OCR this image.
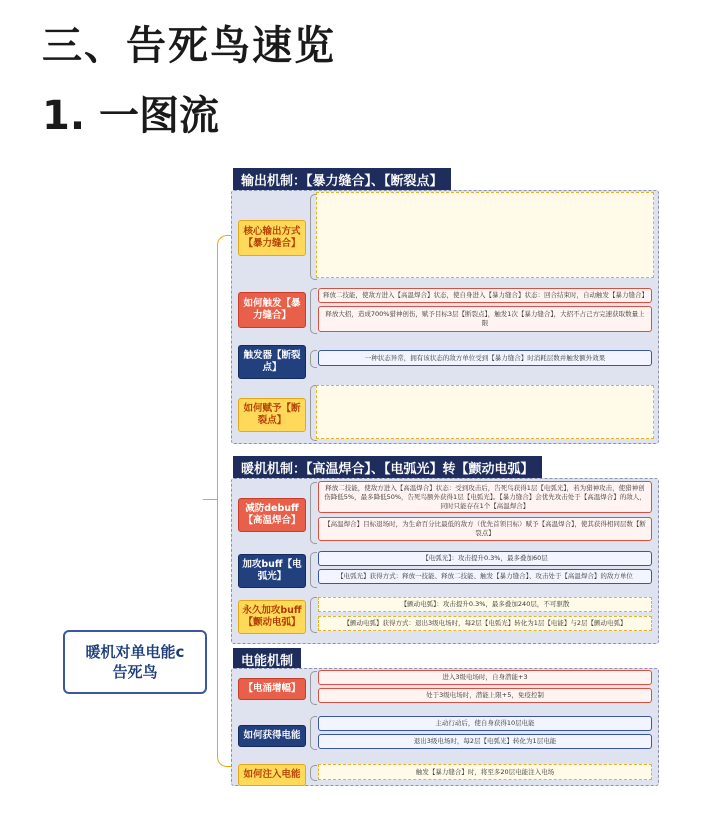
三、告死鸟速览
1. 一图流
暖机对单电能c告死鸟
输出机制：【暴力缝合】、【断裂点】
核心输出方式【暴力缝合】
如何触发【暴力缝合】
释放二技能，使敌方进入【高温焊合】状态，使自身进入【暴力缝合】状态：回合结束时，自动触发【暴力缝合】
释放大招，造成700%猎神创伤，赋予目标3层【断裂点】，触发1次【暴力缝合】，大招不占己方完速获取数量上限
触发器【断裂点】
一种状态异常，拥有该状态的敌方单位受到【暴力缝合】时消耗层数并触发额外效果
如何赋予【断裂点】
暖机机制：【高温焊合】、【电弧光】转【颤动电弧】
减防debuff【高温焊合】
释放二技能，使敌方进入【高温焊合】状态：受到攻击后，告死鸟获得1层【电弧光】，若为猎神攻击，使猎神创伤降低5%，最多降低50%，告死鸟额外获得1层【电弧光】。【暴力缝合】会优先攻击处于【高温焊合】的敌人，同时只能存在1个【高温焊合】
【高温焊合】目标退场时，为生命百分比最低的敌方（优先首领目标）赋予【高温焊合】，使其获得相同层数【断裂点】
加攻buff【电弧光】
【电弧光】：攻击提升0.3%，最多叠加60层
【电弧光】获得方式：释放一技能、释放二技能、触发【暴力缝合】、攻击处于【高温焊合】的敌方单位
永久加攻buff【颤动电弧】
【颤动电弧】：攻击提升0.3%，最多叠加240层，不可驱散
【颤动电弧】获得方式：退出3级电场时，每2层【电弧光】转化为1层【电能】与2层【颤动电弧】
电能机制
【电涌增幅】
进入3级电场时，自身潜能+3
处于3级电场时，潜能上限+5，免疫控制
如何获得电能
主动行动后，使自身获得10层电能
退出3级电场时，每2层【电弧光】转化为1层电能
如何注入电能	触发【暴力缝合】时，将至多20层电能注入电场
